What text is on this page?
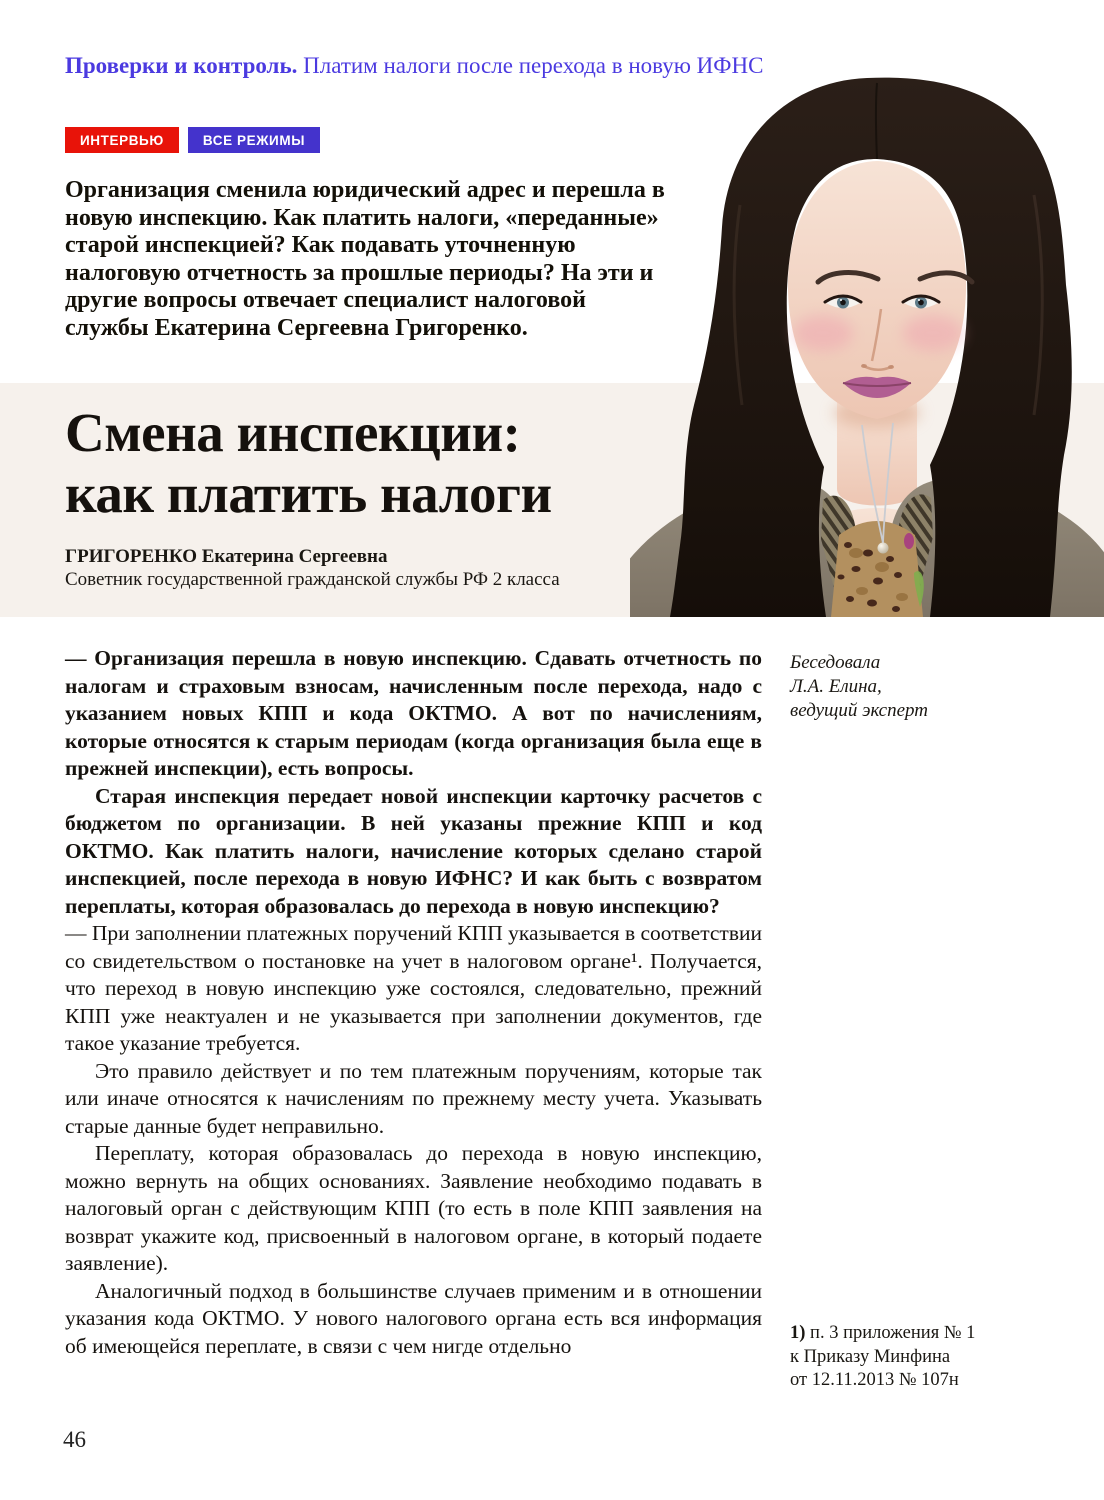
Проверки и контроль. Платим налоги после перехода в новую ИФНС
ИНТЕРВЬЮ	ВСЕ РЕЖИМЫ

Организация сменила юридический адрес и перешла в новую инспекцию. Как платить налоги, «переданные» старой инспекцией? Как подавать уточненную налоговую отчетность за прошлые периоды? На эти и другие вопросы отвечает специалист налоговой службы Екатерина Сергеевна Григоренко.

Смена инспекции:
как платить налоги
ГРИГОРЕНКО Екатерина Сергеевна
Советник государственной гражданской службы РФ 2 класса

— Организация перешла в новую инспекцию. Сдавать отчетность по налогам и страховым взносам, начисленным после перехода, надо с указанием новых КПП и кода ОКТМО. А вот по начислениям, которые относятся к старым периодам (когда организация была еще в прежней инспекции), есть вопросы.

Старая инспекция передает новой инспекции карточку расчетов с бюджетом по организации. В ней указаны прежние КПП и код ОКТМО. Как платить налоги, начисление которых сделано старой инспекцией, после перехода в новую ИФНС? И как быть с возвратом переплаты, которая образовалась до перехода в новую инспекцию?

— При заполнении платежных поручений КПП указывается в соответствии со свидетельством о постановке на учет в налоговом органе¹. Получается, что переход в новую инспекцию уже состоялся, следовательно, прежний КПП уже неактуален и не указывается при заполнении документов, где такое указание требуется.

Это правило действует и по тем платежным поручениям, которые так или иначе относятся к начислениям по прежнему месту учета. Указывать старые данные будет неправильно.

Переплату, которая образовалась до перехода в новую инспекцию, можно вернуть на общих основаниях. Заявление необходимо подавать в налоговый орган с действующим КПП (то есть в поле КПП заявления на возврат укажите код, присвоенный в налоговом органе, в который подаете заявление).

Аналогичный подход в большинстве случаев применим и в отношении указания кода ОКТМО. У нового налогового органа есть вся информация об имеющейся переплате, в связи с чем нигде отдельно

Беседовала
Л.А. Елина,
ведущий эксперт
1) п. 3 приложения № 1
к Приказу Минфина
от 12.11.2013 № 107н
46
